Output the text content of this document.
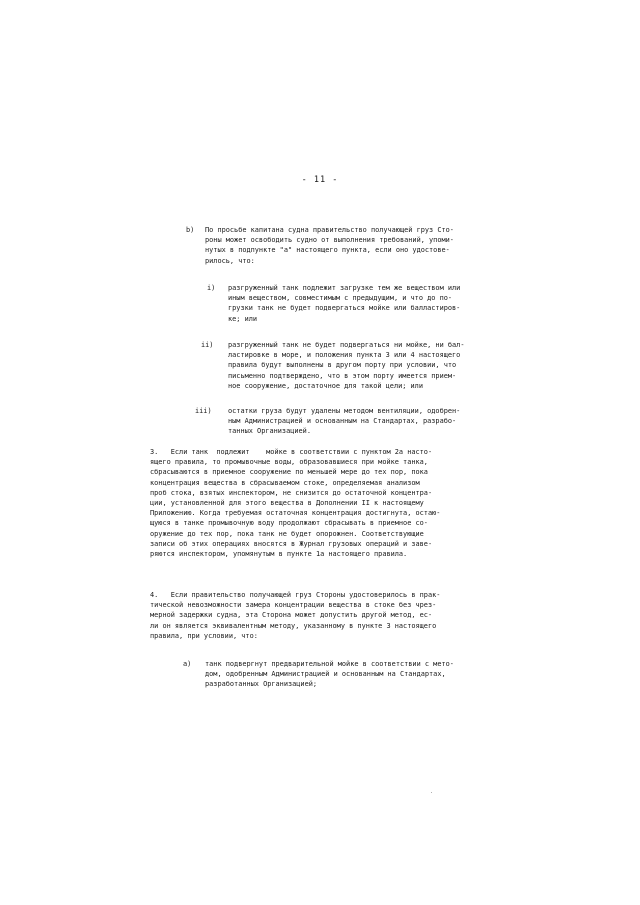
- 11 -
b) По просьбе капитана судна правительство получающей груз Сто-
роны может освободить судно от выполнения требований, упоми-
нутых в подпункте "а" настоящего пункта, если оно удостове-
рилось, что:
i) разгруженный танк подлежит загрузке тем же веществом или
иным веществом, совместимым с предыдущим, и что до по-
грузки танк не будет подвергаться мойке или балластиров-
ке; или
ii) разгруженный танк не будет подвергаться ни мойке, ни бал-
ластировке в море, и положения пункта 3 или 4 настоящего
правила будут выполнены в другом порту при условии, что
письменно подтверждено, что в этом порту имеется прием-
ное сооружение, достаточное для такой цели; или
iii) остатки груза будут удалены методом вентиляции, одобрен-
ным Администрацией и основанным на Стандартах, разрабо-
танных Организацией.
3.   Если танк  подлежит    мойке в соответствии с пунктом 2а насто-
ящего правила, то промывочные воды, образовавшиеся при мойке танка,
сбрасываются в приемное сооружение по меньшей мере до тех пор, пока
концентрация вещества в сбрасываемом стоке, определяемая анализом
проб стока, взятых инспектором, не снизится до остаточной концентра-
ции, установленной для этого вещества в Дополнении II к настоящему
Приложению. Когда требуемая остаточная концентрация достигнута, остаю-
щуюся в танке промывочную воду продолжают сбрасывать в приемное со-
оружение до тех пор, пока танк не будет опорожнен. Соответствующие
записи об этих операциях вносятся в Журнал грузовых операций и заве-
ряются инспектором, упомянутым в пункте 1а настоящего правила.
4.   Если правительство получающей груз Стороны удостоверилось в прак-
тической невозможности замера концентрации вещества в стоке без чрез-
мерной задержки судна, эта Сторона может допустить другой метод, ес-
ли он является эквивалентным методу, указанному в пункте 3 настоящего
правила, при условии, что:
a) танк подвергнут предварительной мойке в соответствии с мето-
дом, одобренным Администрацией и основанным на Стандартах,
разработанных Организацией;
